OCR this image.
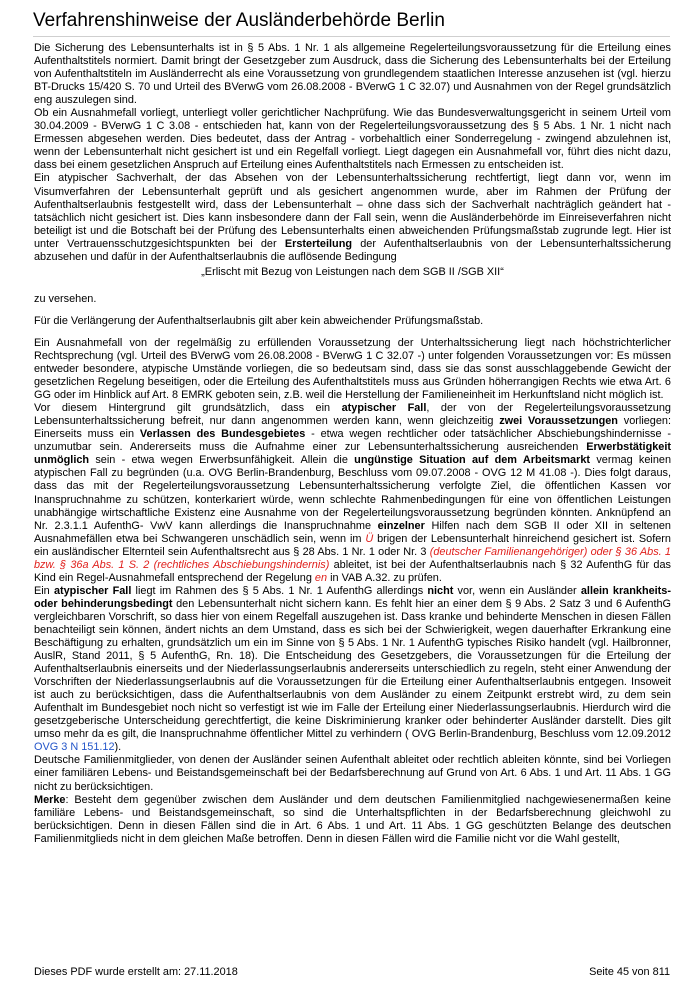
Verfahrenshinweise der Ausländerbehörde Berlin

Die Sicherung des Lebensunterhalts ist in § 5 Abs. 1 Nr. 1 als allgemeine Regelerteilungsvoraussetzung für die Erteilung eines Aufenthaltstitels normiert. Damit bringt der Gesetzgeber zum Ausdruck, dass die Sicherung des Lebensunterhalts bei der Erteilung von Aufenthaltstiteln im Ausländerrecht als eine Voraussetzung von grundlegendem staatlichen Interesse anzusehen ist (vgl. hierzu BT-Drucks 15/420 S. 70 und Urteil des BVerwG vom 26.08.2008 - BVerwG 1 C 32.07) und Ausnahmen von der Regel grundsätzlich eng auszulegen sind.

Ob ein Ausnahmefall vorliegt, unterliegt voller gerichtlicher Nachprüfung. Wie das Bundesverwaltungsgericht in seinem Urteil vom 30.04.2009 - BVerwG 1 C 3.08 - entschieden hat, kann von der Regelerteilungsvoraussetzung des § 5 Abs. 1 Nr. 1 nicht nach Ermessen abgesehen werden. Dies bedeutet, dass der Antrag - vorbehaltlich einer Sonderregelung - zwingend abzulehnen ist, wenn der Lebensunterhalt nicht gesichert ist und ein Regelfall vorliegt. Liegt dagegen ein Ausnahmefall vor, führt dies nicht dazu, dass bei einem gesetzlichen Anspruch auf Erteilung eines Aufenthaltstitels nach Ermessen zu entscheiden ist.

Ein atypischer Sachverhalt, der das Absehen von der Lebensunterhaltssicherung rechtfertigt, liegt dann vor, wenn im Visumverfahren der Lebensunterhalt geprüft und als gesichert angenommen wurde, aber im Rahmen der Prüfung der Aufenthaltserlaubnis festgestellt wird, dass der Lebensunterhalt – ohne dass sich der Sachverhalt nachträglich geändert hat - tatsächlich nicht gesichert ist. Dies kann insbesondere dann der Fall sein, wenn die Ausländerbehörde im Einreiseverfahren nicht beteiligt ist und die Botschaft bei der Prüfung des Lebensunterhalts einen abweichenden Prüfungsmaßstab zugrunde legt. Hier ist unter Vertrauensschutzgesichtspunkten bei der Ersterteilung der Aufenthaltserlaubnis von der Lebensunterhaltssicherung abzusehen und dafür in der Aufenthaltserlaubnis die auflösende Bedingung

„Erlischt mit Bezug von Leistungen nach dem SGB II /SGB XII“

zu versehen.

Für die Verlängerung der Aufenthaltserlaubnis gilt aber kein abweichender Prüfungsmaßstab.

Ein Ausnahmefall von der regelmäßig zu erfüllenden Voraussetzung der Unterhaltssicherung liegt nach höchstrichterlicher Rechtsprechung (vgl. Urteil des BVerwG vom 26.08.2008 - BVerwG 1 C 32.07 -) unter folgenden Voraussetzungen vor: Es müssen entweder besondere, atypische Umstände vorliegen, die so bedeutsam sind, dass sie das sonst ausschlaggebende Gewicht der gesetzlichen Regelung beseitigen, oder die Erteilung des Aufenthaltstitels muss aus Gründen höherrangigen Rechts wie etwa Art. 6 GG oder im Hinblick auf Art. 8 EMRK geboten sein, z.B. weil die Herstellung der Familieneinheit im Herkunftsland nicht möglich ist.

Vor diesem Hintergrund gilt grundsätzlich, dass ein atypischer Fall, der von der Regelerteilungsvoraussetzung Lebensunterhaltssicherung befreit, nur dann angenommen werden kann, wenn gleichzeitig zwei Voraussetzungen vorliegen: Einerseits muss ein Verlassen des Bundesgebietes - etwa wegen rechtlicher oder tatsächlicher Abschiebungshindernisse - unzumutbar sein. Andererseits muss die Aufnahme einer zur Lebensunterhaltssicherung ausreichenden Erwerbstätigkeit unmöglich sein - etwa wegen Erwerbsunfähigkeit. Allein die ungünstige Situation auf dem Arbeitsmarkt vermag keinen atypischen Fall zu begründen (u.a. OVG Berlin-Brandenburg, Beschluss vom 09.07.2008 - OVG 12 M 41.08 -). Dies folgt daraus, dass das mit der Regelerteilungsvoraussetzung Lebensunterhaltssicherung verfolgte Ziel, die öffentlichen Kassen vor Inanspruchnahme zu schützen, konterkariert würde, wenn schlechte Rahmenbedingungen für eine von öffentlichen Leistungen unabhängige wirtschaftliche Existenz eine Ausnahme von der Regelerteilungsvoraussetzung begründen könnten. Anknüpfend an Nr. 2.3.1.1 AufenthG- VwV kann allerdings die Inanspruchnahme einzelner Hilfen nach dem SGB II oder XII in seltenen Ausnahmefällen etwa bei Schwangeren unschädlich sein, wenn im Ü brigen der Lebensunterhalt hinreichend gesichert ist. Sofern ein ausländischer Elternteil sein Aufenthaltsrecht aus § 28 Abs. 1 Nr. 1 oder Nr. 3 (deutscher Familienangehöriger) oder § 36 Abs. 1 bzw. § 36a Abs. 1 S. 2 (rechtliches Abschiebungshindernis) ableitet, ist bei der Aufenthaltserlaubnis nach § 32 AufenthG für das Kind ein Regel-Ausnahmefall entsprechend der Regelung en in VAB A.32. zu prüfen.

Ein atypischer Fall liegt im Rahmen des § 5 Abs. 1 Nr. 1 AufenthG allerdings nicht vor, wenn ein Ausländer allein krankheits- oder behinderungsbedingt den Lebensunterhalt nicht sichern kann. Es fehlt hier an einer dem § 9 Abs. 2 Satz 3 und 6 AufenthG vergleichbaren Vorschrift, so dass hier von einem Regelfall auszugehen ist. Dass kranke und behinderte Menschen in diesen Fällen benachteiligt sein können, ändert nichts an dem Umstand, dass es sich bei der Schwierigkeit, wegen dauerhafter Erkrankung eine Beschäftigung zu erhalten, grundsätzlich um ein im Sinne von § 5 Abs. 1 Nr. 1 AufenthG typisches Risiko handelt (vgl. Hailbronner, AuslR, Stand 2011, § 5 AufenthG, Rn. 18). Die Entscheidung des Gesetzgebers, die Voraussetzungen für die Erteilung der Aufenthaltserlaubnis einerseits und der Niederlassungserlaubnis andererseits unterschiedlich zu regeln, steht einer Anwendung der Vorschriften der Niederlassungserlaubnis auf die Voraussetzungen für die Erteilung einer Aufenthaltserlaubnis entgegen. Insoweit ist auch zu berücksichtigen, dass die Aufenthaltserlaubnis von dem Ausländer zu einem Zeitpunkt erstrebt wird, zu dem sein Aufenthalt im Bundesgebiet noch nicht so verfestigt ist wie im Falle der Erteilung einer Niederlassungserlaubnis. Hierdurch wird die gesetzgeberische Unterscheidung gerechtfertigt, die keine Diskriminierung kranker oder behinderter Ausländer darstellt. Dies gilt umso mehr da es gilt, die Inanspruchnahme öffentlicher Mittel zu verhindern ( OVG Berlin-Brandenburg, Beschluss vom 12.09.2012 OVG 3 N 151.12).

Deutsche Familienmitglieder, von denen der Ausländer seinen Aufenthalt ableitet oder rechtlich ableiten könnte, sind bei Vorliegen einer familiären Lebens- und Beistandsgemeinschaft bei der Bedarfsberechnung auf Grund von Art. 6 Abs. 1 und Art. 11 Abs. 1 GG nicht zu berücksichtigen.

Merke: Besteht dem gegenüber zwischen dem Ausländer und dem deutschen Familienmitglied nachgewiesenermaßen keine familiäre Lebens- und Beistandsgemeinschaft, so sind die Unterhaltspflichten in der Bedarfsberechnung gleichwohl zu berücksichtigen. Denn in diesen Fällen sind die in Art. 6 Abs. 1 und Art. 11 Abs. 1 GG geschützten Belange des deutschen Familienmitglieds nicht in dem gleichen Maße betroffen. Denn in diesen Fällen wird die Familie nicht vor die Wahl gestellt,

Dieses PDF wurde erstellt am: 27.11.2018	Seite 45 von 811
